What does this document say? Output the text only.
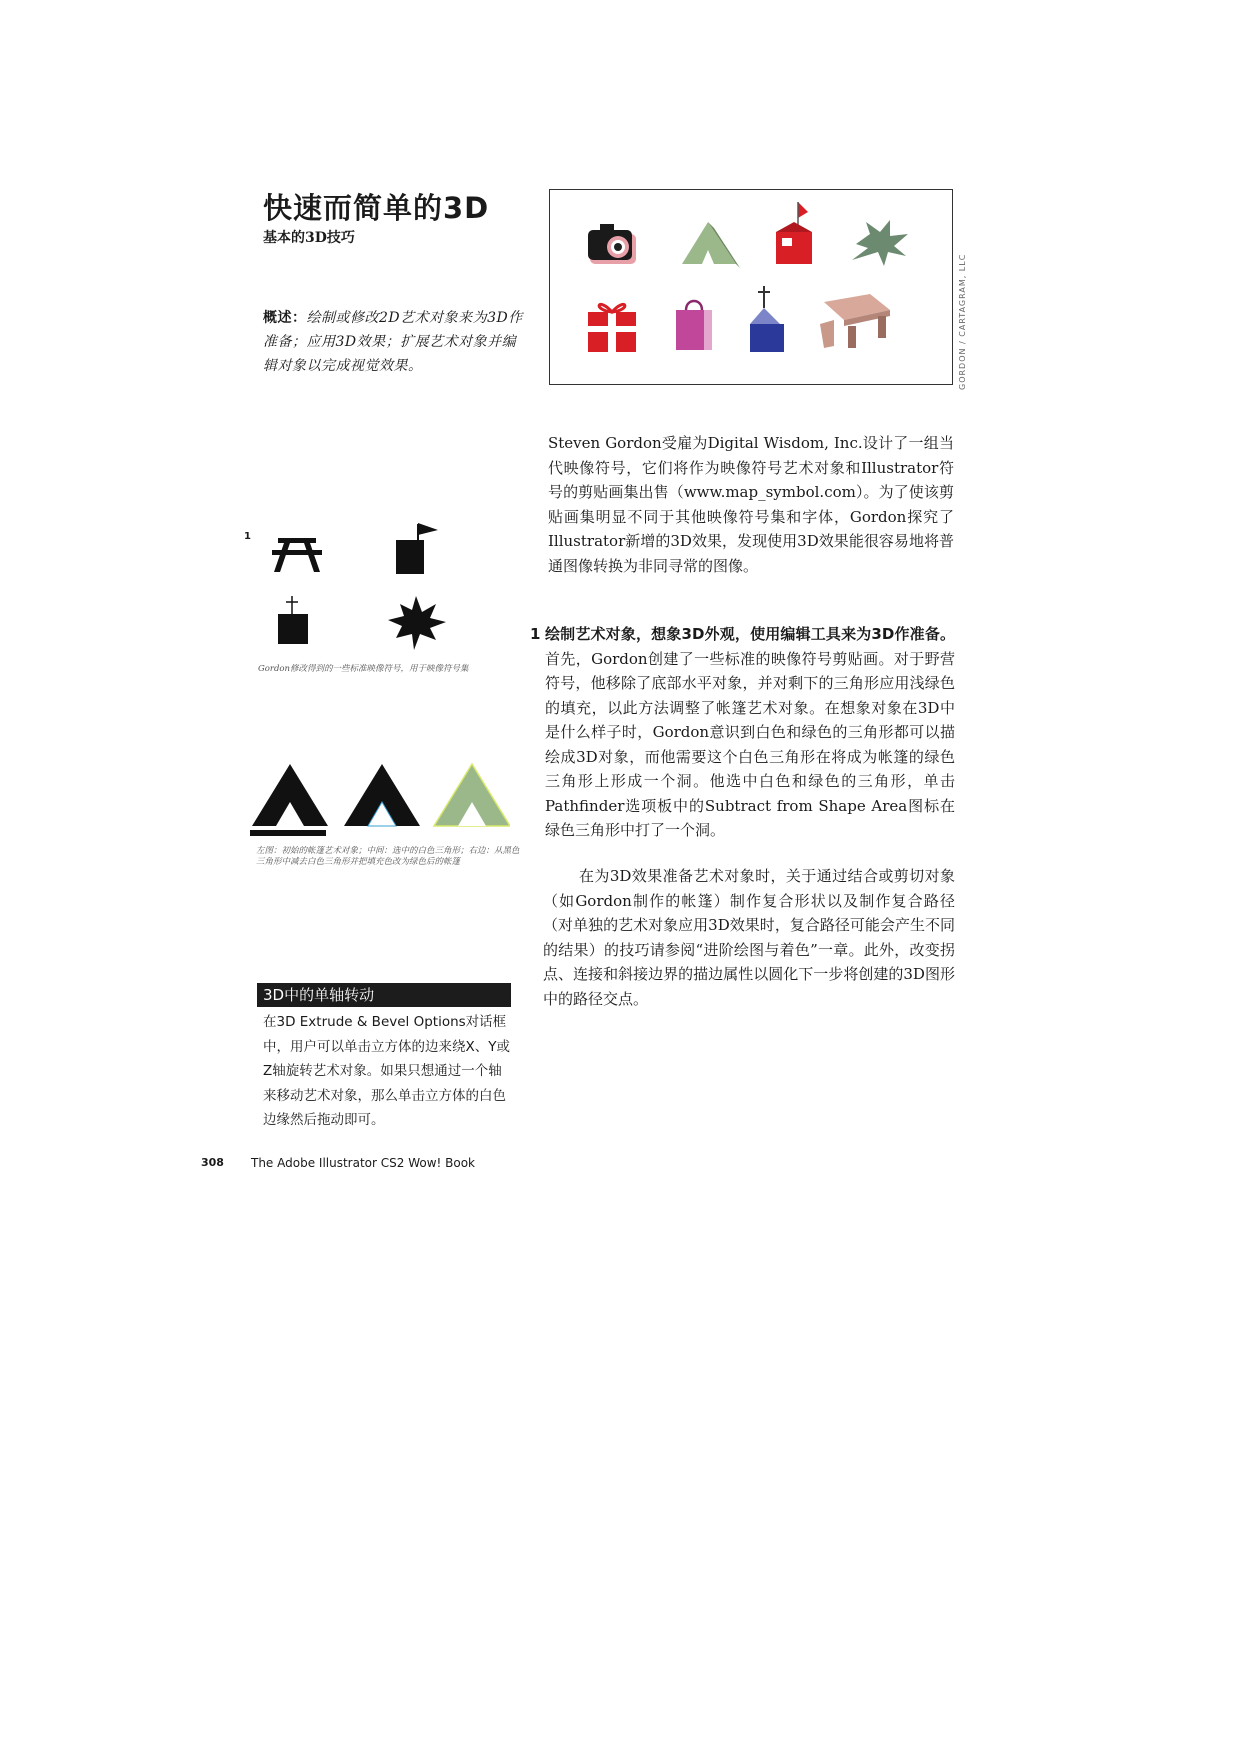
快速而简单的3D
基本的3D技巧
概述：绘制或修改2D艺术对象来为3D作准备；应用3D效果；扩展艺术对象并编辑对象以完成视觉效果。	GORDON / CARTAGRAM, LLC
Steven Gordon受雇为Digital Wisdom, Inc.设计了一组当代映像符号，它们将作为映像符号艺术对象和Illustrator符号的剪贴画集出售（www.map_symbol.com）。为了使该剪贴画集明显不同于其他映像符号集和字体，Gordon探究了Illustrator新增的3D效果，发现使用3D效果能很容易地将普通图像转换为非同寻常的图像。
1
Gordon修改得到的一些标准映像符号，用于映像符号集
左图：初始的帐篷艺术对象；中间：选中的白色三角形；右边：从黑色三角形中减去白色三角形并把填充色改为绿色后的帐篷
1 绘制艺术对象，想象3D外观，使用编辑工具来为3D作准备。首先，Gordon创建了一些标准的映像符号剪贴画。对于野营符号，他移除了底部水平对象，并对剩下的三角形应用浅绿色的填充，以此方法调整了帐篷艺术对象。在想象对象在3D中是什么样子时，Gordon意识到白色和绿色的三角形都可以描绘成3D对象，而他需要这个白色三角形在将成为帐篷的绿色三角形上形成一个洞。他选中白色和绿色的三角形，单击Pathfinder选项板中的Subtract from Shape Area图标在绿色三角形中打了一个洞。
在为3D效果准备艺术对象时，关于通过结合或剪切对象（如Gordon制作的帐篷）制作复合形状以及制作复合路径（对单独的艺术对象应用3D效果时，复合路径可能会产生不同的结果）的技巧请参阅“进阶绘图与着色”一章。此外，改变拐点、连接和斜接边界的描边属性以圆化下一步将创建的3D图形中的路径交点。
3D中的单轴转动
在3D Extrude & Bevel Options对话框中，用户可以单击立方体的边来绕X、Y或Z轴旋转艺术对象。如果只想通过一个轴来移动艺术对象，那么单击立方体的白色边缘然后拖动即可。
308 The Adobe Illustrator CS2 Wow! Book
